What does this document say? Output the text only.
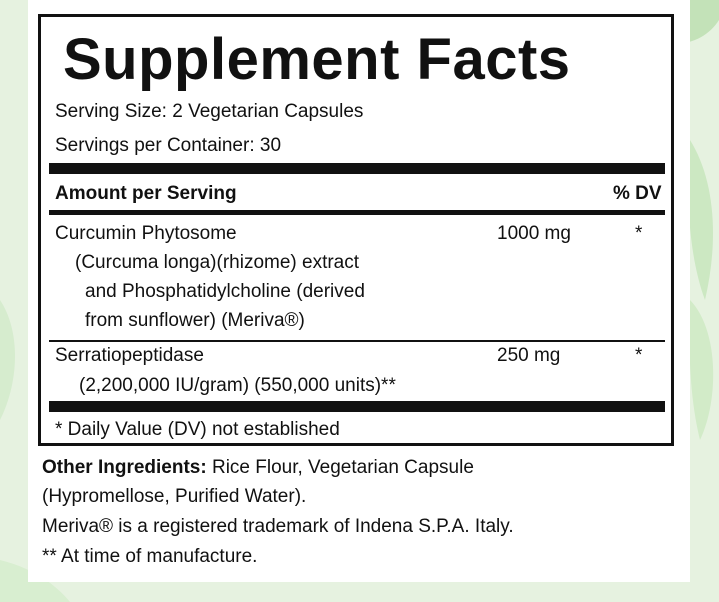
Supplement Facts
Serving Size: 2 Vegetarian Capsules
Servings per Container: 30
Amount per Serving	% DV
Curcumin Phytosome	1000 mg	*
(Curcuma longa)(rhizome) extract
and Phosphatidylcholine (derived
from sunflower) (Meriva®)
Serratiopeptidase	250 mg	*
(2,200,000 IU/gram) (550,000 units)**
* Daily Value (DV) not established
Other Ingredients: Rice Flour, Vegetarian Capsule
(Hypromellose, Purified Water).
Meriva® is a registered trademark of Indena S.P.A. Italy.
** At time of manufacture.
